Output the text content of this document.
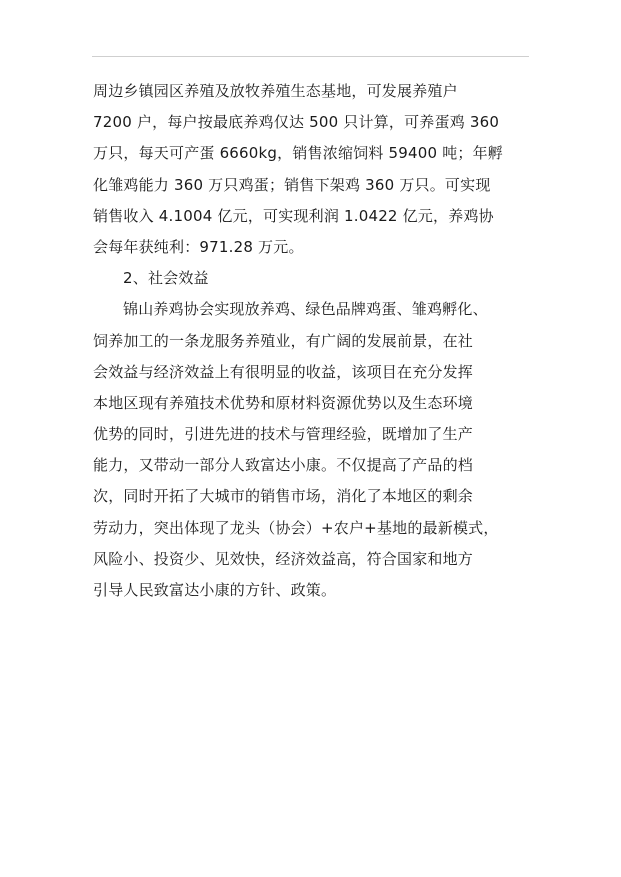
周边乡镇园区养殖及放牧养殖生态基地，可发展养殖户
7200 户，每户按最底养鸡仅达 500 只计算，可养蛋鸡 360
万只，每天可产蛋 6660kg，销售浓缩饲料 59400 吨；年孵
化雏鸡能力 360 万只鸡蛋；销售下架鸡 360 万只。可实现
销售收入 4.1004 亿元，可实现利润 1.0422 亿元，养鸡协
会每年获纯利：971.28 万元。
2、社会效益
锦山养鸡协会实现放养鸡、绿色品牌鸡蛋、雏鸡孵化、
饲养加工的一条龙服务养殖业，有广阔的发展前景，在社
会效益与经济效益上有很明显的收益，该项目在充分发挥
本地区现有养殖技术优势和原材料资源优势以及生态环境
优势的同时，引进先进的技术与管理经验，既增加了生产
能力，又带动一部分人致富达小康。不仅提高了产品的档
次，同时开拓了大城市的销售市场，消化了本地区的剩余
劳动力，突出体现了龙头（协会）+农户+基地的最新模式，
风险小、投资少、见效快，经济效益高，符合国家和地方
引导人民致富达小康的方针、政策。
